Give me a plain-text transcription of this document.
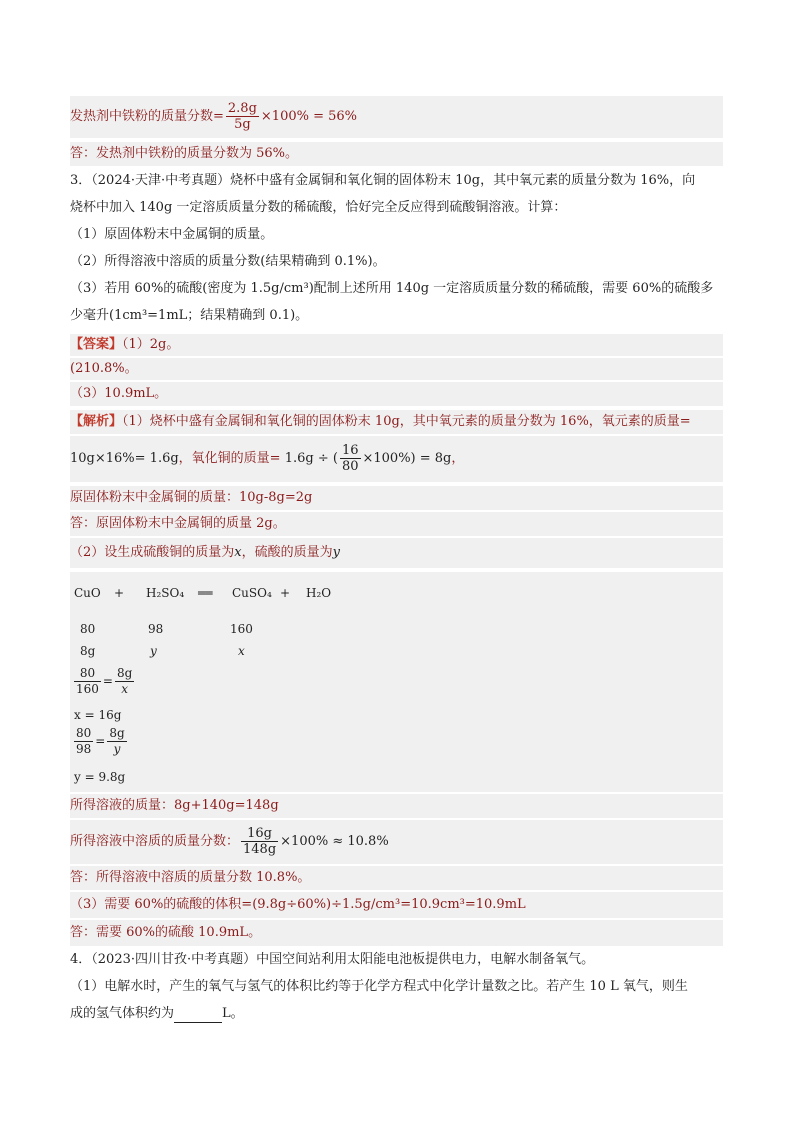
发热剂中铁粉的质量分数= $\frac{2.8g}{5g} \times 100\% = 56\%$
答：发热剂中铁粉的质量分数为 56%。
3．（2024·天津·中考真题）烧杯中盛有金属铜和氧化铜的固体粉末 10g，其中氧元素的质量分数为 16%，向
烧杯中加入 140g 一定溶质质量分数的稀硫酸，恰好完全反应得到硫酸铜溶液。计算：
（1）原固体粉末中金属铜的质量。
（2）所得溶液中溶质的质量分数(结果精确到 0.1%)。
（3）若用 60%的硫酸(密度为 1.5g/cm³)配制上述所用 140g 一定溶质质量分数的稀硫酸，需要 60%的硫酸多
少毫升(1cm³=1mL；结果精确到 0.1)。
【答案】（1）2g。
(210.8%。
（3）10.9mL。
【解析】（1）烧杯中盛有金属铜和氧化铜的固体粉末 10g，其中氧元素的质量分数为 16%，氧元素的质量=
10g×16%= 1.6g，氧化铜的质量= 1.6g ÷ ( $\frac{16}{80} \times 100\%) = 8g$，
原固体粉末中金属铜的质量：10g-8g=2g
答：原固体粉末中金属铜的质量 2g。
（2）设生成硫酸铜的质量为x，硫酸的质量为y
CuO + H₂SO₄ ══ CuSO₄ + H₂O
80	98	160
8g	y	x
$\frac{80}{160} = \frac{8g}{x}$
x = 16g
$\frac{80}{98} = \frac{8g}{y}$
y = 9.8g
所得溶液的质量：8g+140g=148g
所得溶液中溶质的质量分数： $\frac{16g}{148g} \times 100\% \approx 10.8\%$
答：所得溶液中溶质的质量分数 10.8%。
（3）需要 60%的硫酸的体积=(9.8g÷60%)÷1.5g/cm³=10.9cm³=10.9mL
答：需要 60%的硫酸 10.9mL。
4．（2023·四川甘孜·中考真题）中国空间站利用太阳能电池板提供电力，电解水制备氧气。
（1）电解水时，产生的氧气与氢气的体积比约等于化学方程式中化学计量数之比。若产生 10 L 氧气，则生
成的氢气体积约为	L。
